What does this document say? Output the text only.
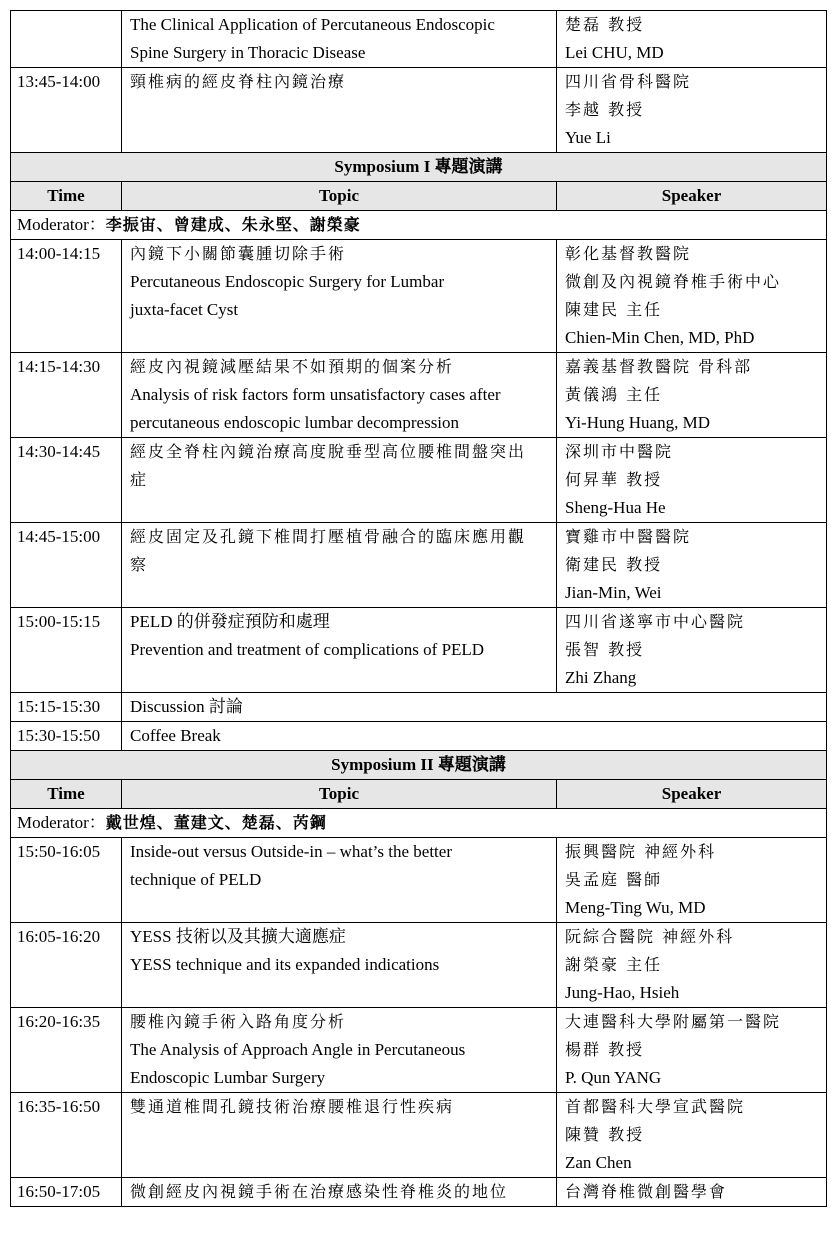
	The Clinical Application of Percutaneous Endoscopic
Spine Surgery in Thoracic Disease	楚磊 教授
Lei CHU, MD

13:45-14:00	頸椎病的經皮脊柱內鏡治療	四川省骨科醫院
李越 教授
Yue Li

Symposium I 專題演講		
Time	Topic	Speaker
Moderator：李振宙、曾建成、朱永堅、謝榮豪		
14:00-14:15	內鏡下小關節囊腫切除手術
Percutaneous Endoscopic Surgery for Lumbar
juxta-facet Cyst	彰化基督教醫院
微創及內視鏡脊椎手術中心
陳建民 主任
Chien-Min Chen, MD, PhD

14:15-14:30	經皮內視鏡減壓結果不如預期的個案分析
Analysis of risk factors form unsatisfactory cases after
percutaneous endoscopic lumbar decompression	嘉義基督教醫院 骨科部
黃儀鴻 主任
Yi-Hung Huang, MD

14:30-14:45	經皮全脊柱內鏡治療高度脫垂型高位腰椎間盤突出
症	深圳市中醫院
何昇華 教授
Sheng-Hua He

14:45-15:00	經皮固定及孔鏡下椎間打壓植骨融合的臨床應用觀
察	寶雞市中醫醫院
衛建民 教授
Jian-Min, Wei

15:00-15:15	PELD 的併發症預防和處理
Prevention and treatment of complications of PELD	四川省遂寧市中心醫院
張智 教授
Zhi Zhang

15:15-15:30	Discussion 討論	
15:30-15:50	Coffee Break	
Symposium II 專題演講		
Time	Topic	Speaker
Moderator：戴世煌、董建文、楚磊、芮鋼		
15:50-16:05	Inside-out versus Outside-in – what’s the better
technique of PELD	振興醫院 神經外科
吳孟庭 醫師
Meng-Ting Wu, MD

16:05-16:20	YESS 技術以及其擴大適應症
YESS technique and its expanded indications	阮綜合醫院 神經外科
謝榮豪 主任
Jung-Hao, Hsieh

16:20-16:35	腰椎內鏡手術入路角度分析
The Analysis of Approach Angle in Percutaneous
Endoscopic Lumbar Surgery	大連醫科大學附屬第一醫院
楊群 教授
P. Qun YANG

16:35-16:50	雙通道椎間孔鏡技術治療腰椎退行性疾病	首都醫科大學宣武醫院
陳贊 教授
Zan Chen

16:50-17:05	微創經皮內視鏡手術在治療感染性脊椎炎的地位	台灣脊椎微創醫學會
